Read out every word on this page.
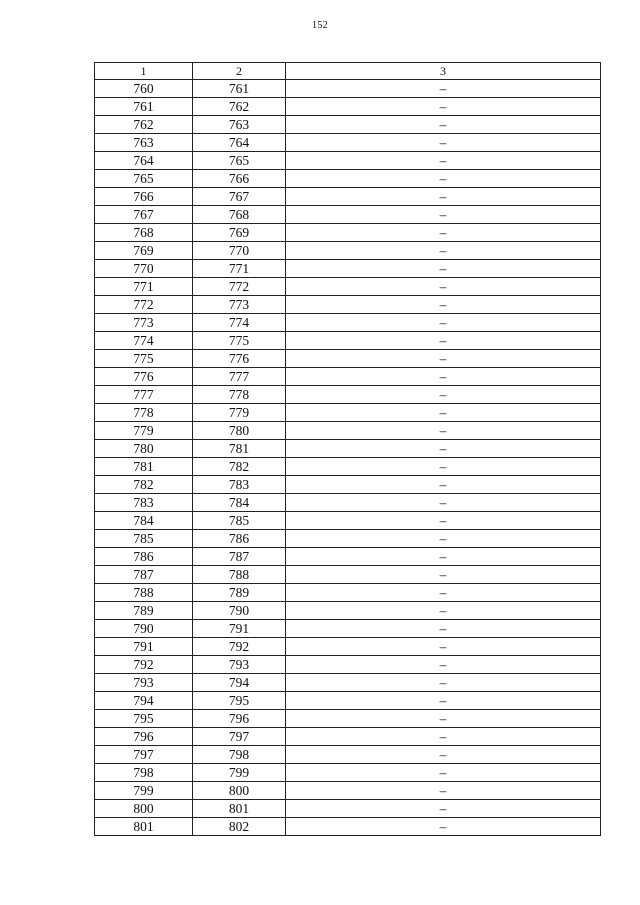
152
1	2	3
760	761	–
761	762	–
762	763	–
763	764	–
764	765	–
765	766	–
766	767	–
767	768	–
768	769	–
769	770	–
770	771	–
771	772	–
772	773	–
773	774	–
774	775	–
775	776	–
776	777	–
777	778	–
778	779	–
779	780	–
780	781	–
781	782	–
782	783	–
783	784	–
784	785	–
785	786	–
786	787	–
787	788	–
788	789	–
789	790	–
790	791	–
791	792	–
792	793	–
793	794	–
794	795	–
795	796	–
796	797	–
797	798	–
798	799	–
799	800	–
800	801	–
801	802	–
